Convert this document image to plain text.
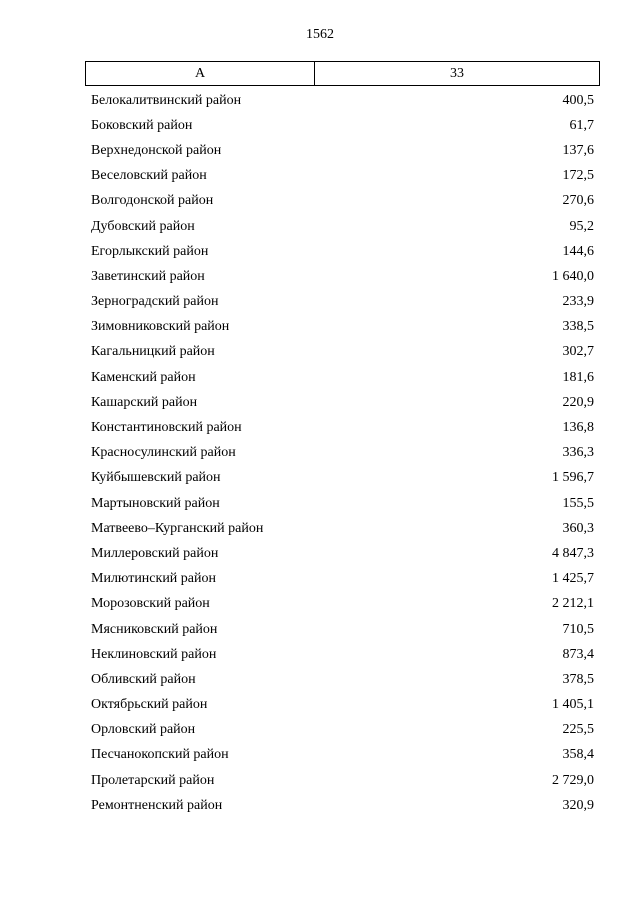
1562
А	33
Белокалитвинский район	400,5
Боковский район	61,7
Верхнедонской район	137,6
Веселовский район	172,5
Волгодонской район	270,6
Дубовский район	95,2
Егорлыкский район	144,6
Заветинский район	1 640,0
Зерноградский район	233,9
Зимовниковский район	338,5
Кагальницкий район	302,7
Каменский район	181,6
Кашарский район	220,9
Константиновский район	136,8
Красносулинский район	336,3
Куйбышевский район	1 596,7
Мартыновский район	155,5
Матвеево–Курганский район	360,3
Миллеровский район	4 847,3
Милютинский район	1 425,7
Морозовский район	2 212,1
Мясниковский район	710,5
Неклиновский район	873,4
Обливский район	378,5
Октябрьский район	1 405,1
Орловский район	225,5
Песчанокопский район	358,4
Пролетарский район	2 729,0
Ремонтненский район	320,9
